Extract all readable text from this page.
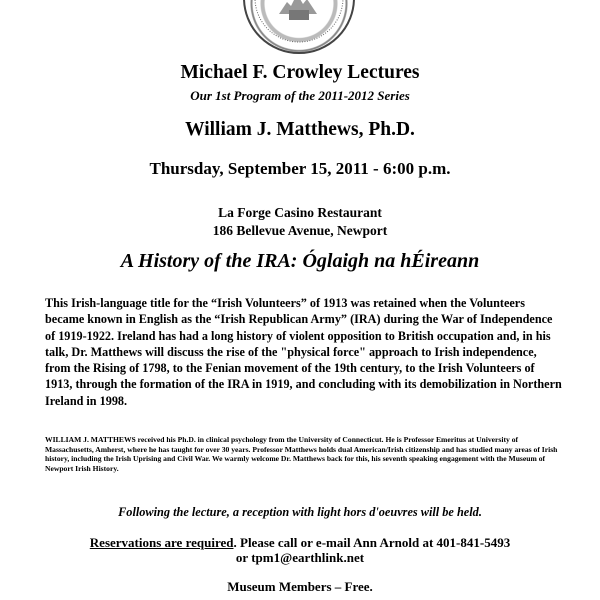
Michael F. Crowley Lectures
Our 1st Program of the 2011-2012 Series
William J. Matthews, Ph.D.
Thursday, September 15, 2011 - 6:00 p.m.
La Forge Casino Restaurant
186 Bellevue Avenue, Newport
A History of the IRA: Óglaigh na hÉireann

This Irish-language title for the “Irish Volunteers” of 1913 was retained when the Volunteers became known in English as the “Irish Republican Army” (IRA) during the War of Independence of 1919-1922. Ireland has had a long history of violent opposition to British occupation and, in his talk, Dr. Matthews will discuss the rise of the "physical force" approach to Irish independence, from the Rising of 1798, to the Fenian movement of the 19th century, to the Irish Volunteers of 1913, through the formation of the IRA in 1919, and concluding with its demobilization in Northern Ireland in 1998.

WILLIAM J. MATTHEWS received his Ph.D. in clinical psychology from the University of Connecticut. He is Professor Emeritus at University of Massachusetts, Amherst, where he has taught for over 30 years. Professor Matthews holds dual American/Irish citizenship and has studied many areas of Irish history, including the Irish Uprising and Civil War. We warmly welcome Dr. Matthews back for this, his seventh speaking engagement with the Museum of Newport Irish History.

Following the lecture, a reception with light hors d'oeuvres will be held.
Reservations are required. Please call or e-mail Ann Arnold at 401-841-5493
or tpm1@earthlink.net
Museum Members – Free.
